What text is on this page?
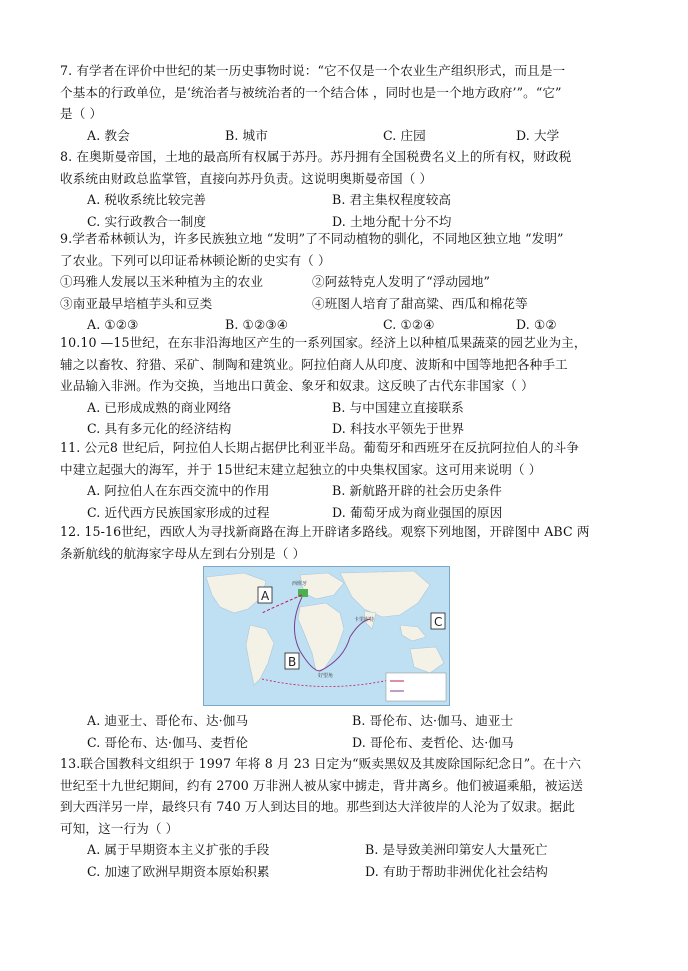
7. 有学者在评价中世纪的某一历史事物时说：“它不仅是一个农业生产组织形式，而且是一

个基本的行政单位，是‘统治者与被统治者的一个结合体 ，同时也是一个地方政府’”。“它”

是（ ）

A. 教会	B. 城市	C. 庄园	D. 大学

8. 在奥斯曼帝国，土地的最高所有权属于苏丹。苏丹拥有全国税费名义上的所有权，财政税

收系统由财政总监掌管，直接向苏丹负责。这说明奥斯曼帝国（ ）

A. 税收系统比较完善	B. 君主集权程度较高
C. 实行政教合一制度	D. 土地分配十分不均

9.学者希林顿认为，许多民族独立地 “发明”了不同动植物的驯化，不同地区独立地 “发明”

了农业。下列可以印证希林顿论断的史实有（ ）

①玛雅人发展以玉米种植为主的农业	②阿兹特克人发明了“浮动园地”
③南亚最早培植芋头和豆类	④班图人培育了甜高粱、西瓜和棉花等
A. ①②③	B. ①②③④	C. ①②④	D. ①②

10.10 —15世纪，在东非沿海地区产生的一系列国家。经济上以种植瓜果蔬菜的园艺业为主，

辅之以畜牧、狩猎、采矿、制陶和建筑业。阿拉伯商人从印度、波斯和中国等地把各种手工

业品输入非洲。作为交换，当地出口黄金、象牙和奴隶。这反映了古代东非国家（ ）

A. 已形成成熟的商业网络	B. 与中国建立直接联系
C. 具有多元化的经济结构	D. 科技水平领先于世界

11. 公元8 世纪后，阿拉伯人长期占据伊比利亚半岛。葡萄牙和西班牙在反抗阿拉伯人的斗争

中建立起强大的海军，并于 15世纪末建立起独立的中央集权国家。这可用来说明（ ）

A. 阿拉伯人在东西交流中的作用	B. 新航路开辟的社会历史条件
C. 近代西方民族国家形成的过程	D. 葡萄牙成为商业强国的原因

12. 15-16世纪，西欧人为寻找新商路在海上开辟诸多路线。观察下列地图，开辟图中 ABC 两

条新航线的航海家字母从左到右分别是（ ）

西班牙
好望角
卡里库特
A
B
C
A. 迪亚士、哥伦布、达·伽马	B. 哥伦布、达·伽马、迪亚士
C. 哥伦布、达·伽马、麦哲伦	D. 哥伦布、麦哲伦、达·伽马

13.联合国教科文组织于 1997 年将 8 月 23 日定为“贩卖黑奴及其废除国际纪念日”。在十六

世纪至十九世纪期间，约有 2700 万非洲人被从家中掳走，背井离乡。他们被逼乘船，被运送

到大西洋另一岸，最终只有 740 万人到达目的地。那些到达大洋彼岸的人沦为了奴隶。据此

可知，这一行为（ ）

A. 属于早期资本主义扩张的手段	B. 是导致美洲印第安人大量死亡
C. 加速了欧洲早期资本原始积累	D. 有助于帮助非洲优化社会结构
